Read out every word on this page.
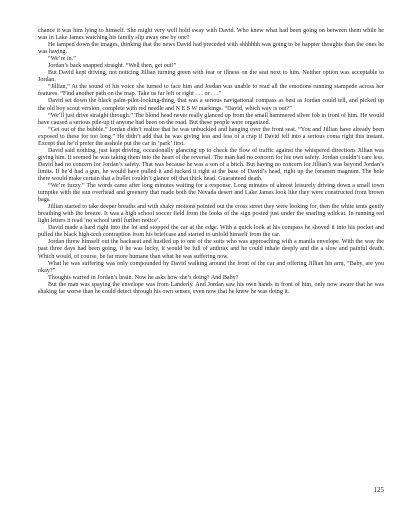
chance it was him lying to himself. She might very well hold sway with David. Who knew what had been going on between them while he was in Lake James watching his family slip away one by one?

He tamped down the images, thinking that the news David had preceded with shhhhhh was going to be happier thoughts than the ones he was having.

“We’re in.”

Jordan’s back snapped straight. “Well then, get out!”

But David kept driving, not noticing Jillian turning green with fear or illness on the seat next to him. Neither option was acceptable to Jordan.

“Jillian,” At the sound of his voice she turned to face him and Jordan was unable to read all the emotions running stampede across her features. “Find another path on the map. Take us far left or right . . . or . . .”

David set down the black palm-pilot-looking-thing, that was a serious navigational compass as best as Jordan could tell, and picked up the old boy scout version, complete with red needle and N E S W markings. “David, which way is out?”

“We’ll just drive straight through.” The blond head never really glanced up from the small hammered silver fob in front of him. He would have caused a serious pile-up if anyone had been on the road. But these people were organized.

“Get out of the bubble.” Jordan didn’t realize that he was unbuckled and hanging over the front seat. “You and Jillian have already been exposed to these for too long.” He didn’t add that he was giving less and less of a crap if David fell into a serious coma right this instant. Except that he’d prefer the asshole put the car in ‘park’ first.

David said nothing, just kept driving, occasionally glancing up to check the flow of traffic against the whispered directions Jillian was giving him. It seemed he was taking them into the heart of the reversal. The man had no concern for his own safety. Jordan couldn’t care less. David had no concern for Jordan’s safety. That was because he was a son of a bitch. But having no concern for Jillian’s was beyond Jordan’s limits. If he’d had a gun, he would have pulled it and tucked it right at the base of David’s head, right up the foramen magnum. The hole there would make certain that a bullet couldn’t glance off that thick head. Guaranteed death.

“We’re fuzzy.” The words came after long minutes waiting for a response. Long minutes of almost leisurely driving down a small town turnpike with the sun overhead and greenery that made both the Nevada desert and Lake James look like they were constructed from brown bags.

Jillian started to take deeper breaths and with shaky motions pointed out the cross street they were looking for, then the white tents gently breathing with the breeze. It was a high school soccer field from the looks of the sign posted just under the snarling wildcat. In running red light letters it read ‘no school until further notice’.

David made a hard right into the lot and stopped the car at the edge. With a quick look at his compass he shoved it into his pocket and pulled the black high-tech contraption from his briefcase and started to unfold himself from the car.

Jordan threw himself out the backseat and hustled up to one of the suits who was approaching with a manila envelope. With the way the past three days had been going, if he was lucky, it would be full of anthrax and he could inhale deeply and die a slow and painful death. Which would, of course, be far more humane than what he was suffering now.

What he was suffering was only compounded by David walking around the front of the car and offering Jillian his arm, “Baby, are you okay?”

Thoughts warred in Jordan’s brain. Now he asks how she’s doing? And Baby?

But the man was spaying the envelope was from Landerly. And Jordan saw his own hands in front of him, only now aware that he was shaking far worse than he could detect through his own senses, even now that he knew he was doing it.

125
